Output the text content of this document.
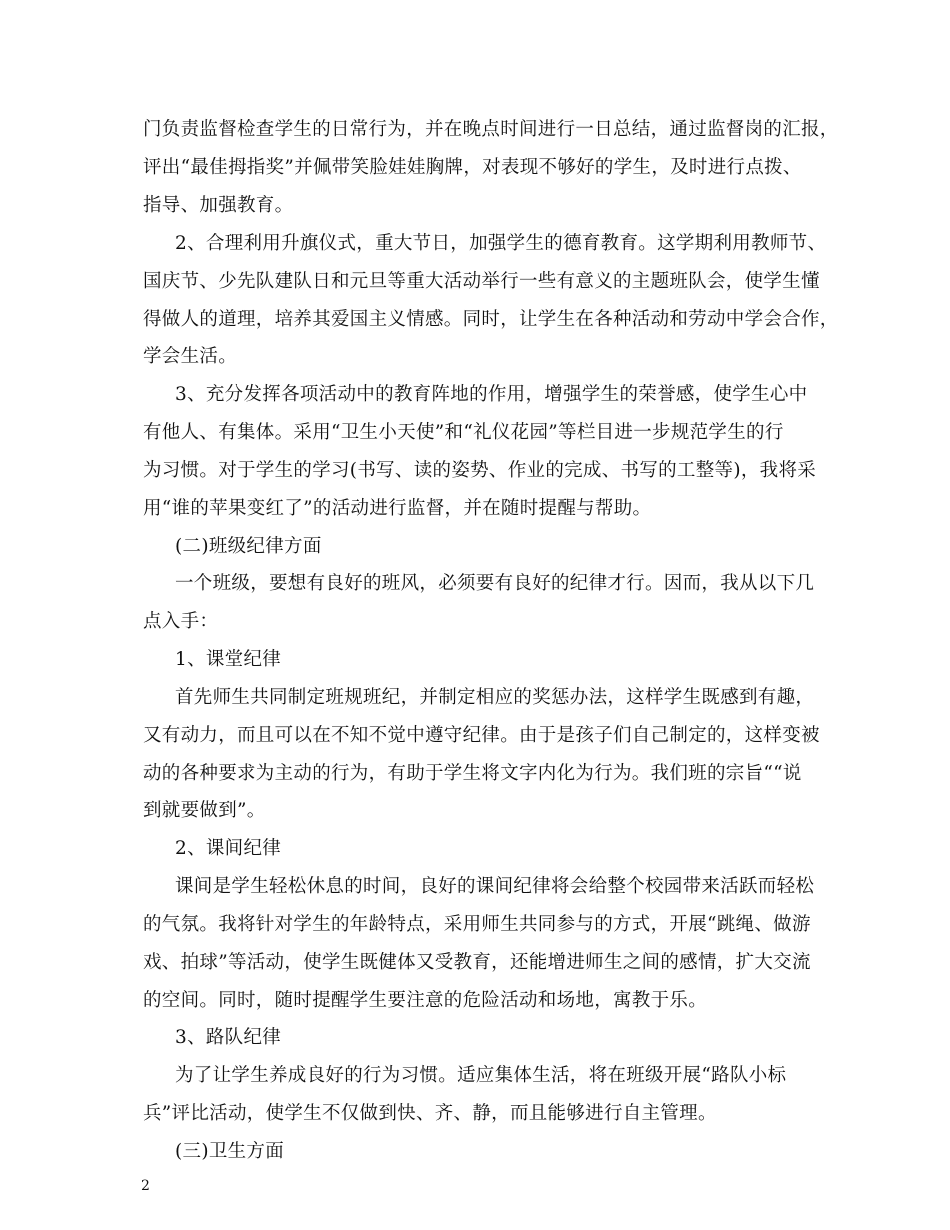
门负责监督检查学生的日常行为，并在晚点时间进行一日总结，通过监督岗的汇报，
评出“最佳拇指奖”并佩带笑脸娃娃胸牌，对表现不够好的学生，及时进行点拨、
指导、加强教育。
2、合理利用升旗仪式，重大节日，加强学生的德育教育。这学期利用教师节、
国庆节、少先队建队日和元旦等重大活动举行一些有意义的主题班队会，使学生懂
得做人的道理，培养其爱国主义情感。同时，让学生在各种活动和劳动中学会合作，
学会生活。
3、充分发挥各项活动中的教育阵地的作用，增强学生的荣誉感，使学生心中
有他人、有集体。采用“卫生小天使”和“礼仪花园”等栏目进一步规范学生的行
为习惯。对于学生的学习(书写、读的姿势、作业的完成、书写的工整等)，我将采
用“谁的苹果变红了”的活动进行监督，并在随时提醒与帮助。
(二)班级纪律方面
一个班级，要想有良好的班风，必须要有良好的纪律才行。因而，我从以下几
点入手：
1、课堂纪律
首先师生共同制定班规班纪，并制定相应的奖惩办法，这样学生既感到有趣，
又有动力，而且可以在不知不觉中遵守纪律。由于是孩子们自己制定的，这样变被
动的各种要求为主动的行为，有助于学生将文字内化为行为。我们班的宗旨““说
到就要做到”。
2、课间纪律
课间是学生轻松休息的时间，良好的课间纪律将会给整个校园带来活跃而轻松
的气氛。我将针对学生的年龄特点，采用师生共同参与的方式，开展“跳绳、做游
戏、拍球”等活动，使学生既健体又受教育，还能增进师生之间的感情，扩大交流
的空间。同时，随时提醒学生要注意的危险活动和场地，寓教于乐。
3、路队纪律
为了让学生养成良好的行为习惯。适应集体生活，将在班级开展“路队小标
兵”评比活动，使学生不仅做到快、齐、静，而且能够进行自主管理。
(三)卫生方面
2
